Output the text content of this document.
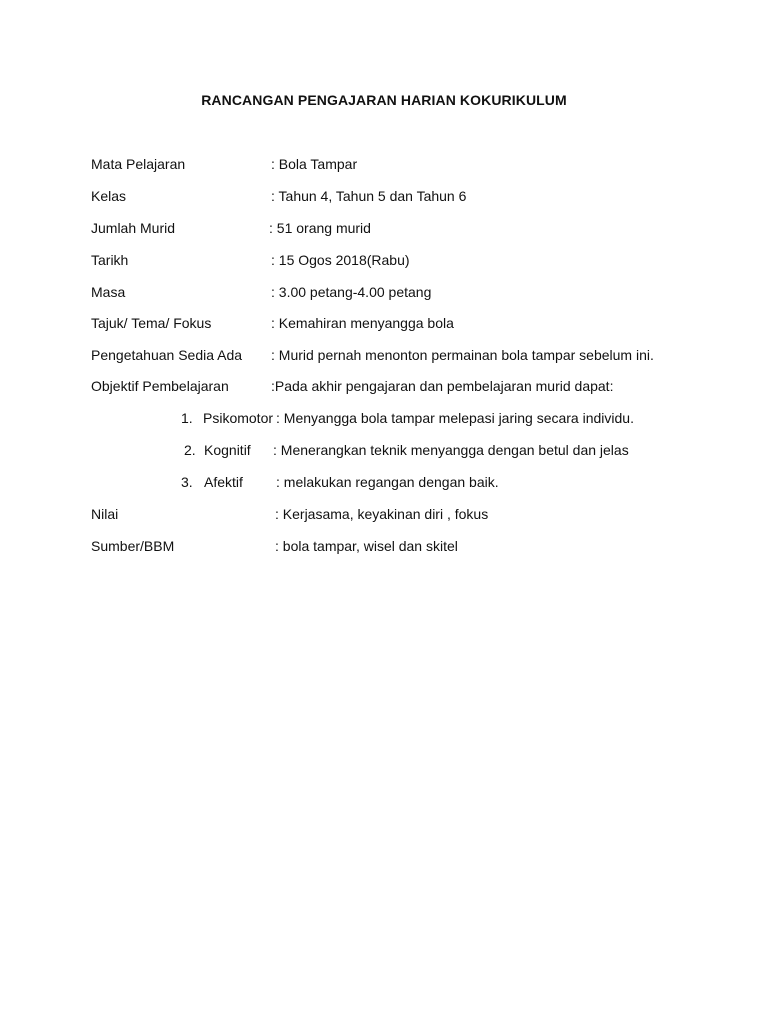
RANCANGAN PENGAJARAN HARIAN KOKURIKULUM
Mata Pelajaran	: Bola Tampar
Kelas	: Tahun 4, Tahun 5 dan Tahun 6
Jumlah Murid	: 51 orang murid
Tarikh	: 15 Ogos 2018(Rabu)
Masa	: 3.00 petang-4.00 petang
Tajuk/ Tema/ Fokus	: Kemahiran menyangga bola
Pengetahuan Sedia Ada : Murid pernah menonton permainan bola tampar sebelum ini.
Objektif Pembelajaran	:Pada akhir pengajaran dan pembelajaran murid dapat:
1. Psikomotor : Menyangga bola tampar melepasi jaring secara individu.
2. Kognitif : Menerangkan teknik menyangga dengan betul dan jelas
3. Afektif : melakukan regangan dengan baik.
Nilai	: Kerjasama, keyakinan diri , fokus
Sumber/BBM	: bola tampar, wisel dan skitel
